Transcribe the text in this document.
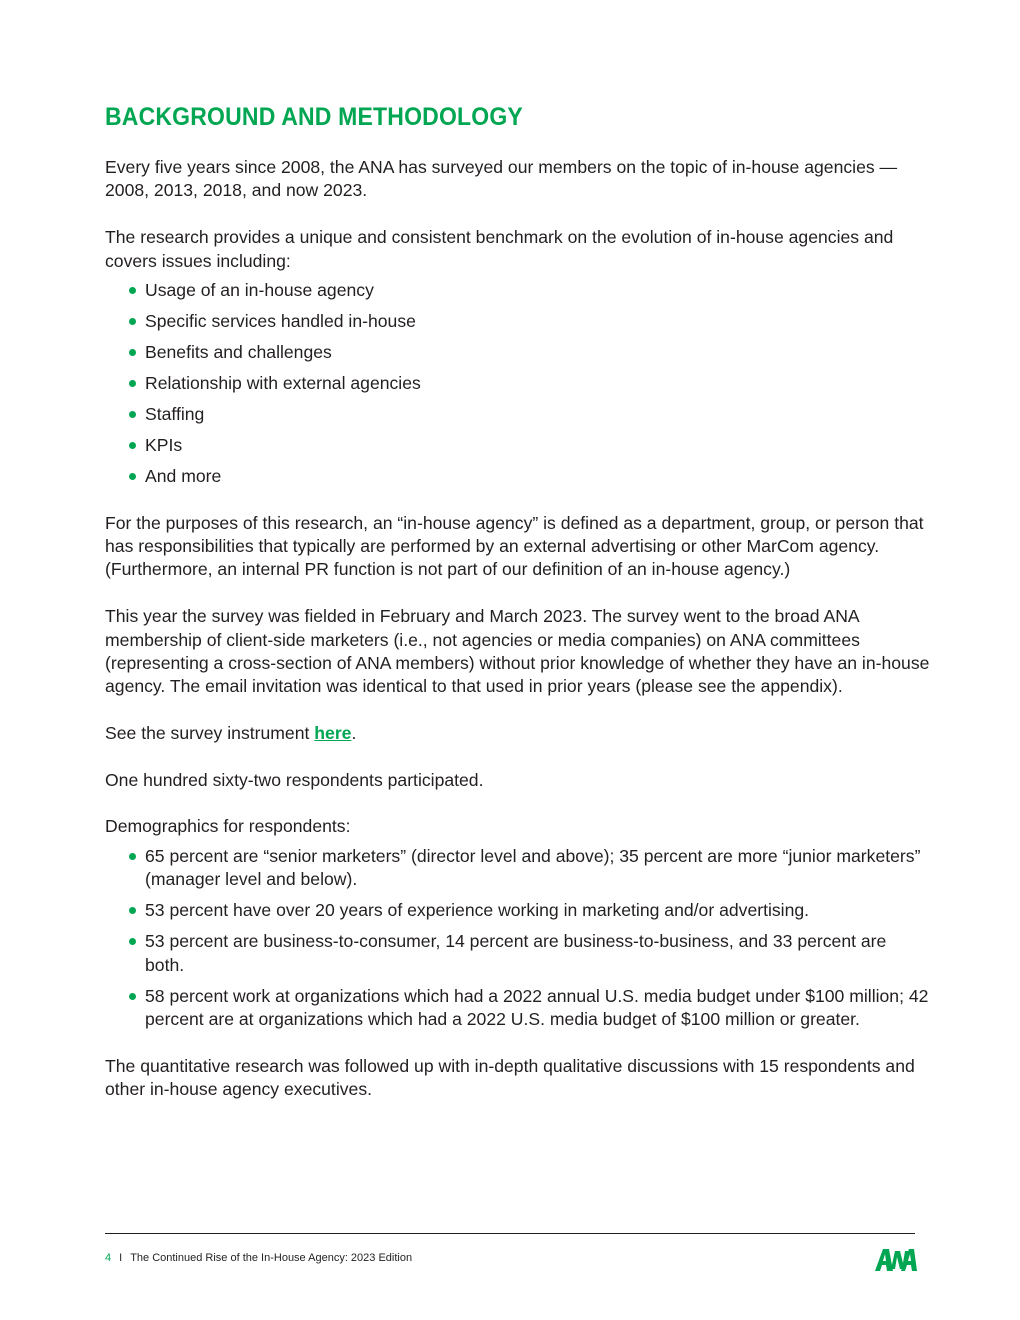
BACKGROUND AND METHODOLOGY

Every five years since 2008, the ANA has surveyed our members on the topic of in-house agencies — 2008, 2013, 2018, and now 2023.

The research provides a unique and consistent benchmark on the evolution of in-house agencies and covers issues including:

Usage of an in-house agency
Specific services handled in-house
Benefits and challenges
Relationship with external agencies
Staffing
KPIs
And more

For the purposes of this research, an “in-house agency” is defined as a department, group, or person that has responsibilities that typically are performed by an external advertising or other MarCom agency. (Furthermore, an internal PR function is not part of our definition of an in-house agency.)

This year the survey was fielded in February and March 2023. The survey went to the broad ANA membership of client-side marketers (i.e., not agencies or media companies) on ANA committees (representing a cross-section of ANA members) without prior knowledge of whether they have an in-house agency. The email invitation was identical to that used in prior years (please see the appendix).

See the survey instrument here.

One hundred sixty-two respondents participated.

Demographics for respondents:

65 percent are “senior marketers” (director level and above); 35 percent are more “junior marketers” (manager level and below).
53 percent have over 20 years of experience working in marketing and/or advertising.
53 percent are business-to-consumer, 14 percent are business-to-business, and 33 percent are both.
58 percent work at organizations which had a 2022 annual U.S. media budget under $100 million; 42 percent are at organizations which had a 2022 U.S. media budget of $100 million or greater.

The quantitative research was followed up with in-depth qualitative discussions with 15 respondents and other in-house agency executives.

4 I The Continued Rise of the In-House Agency: 2023 Edition
